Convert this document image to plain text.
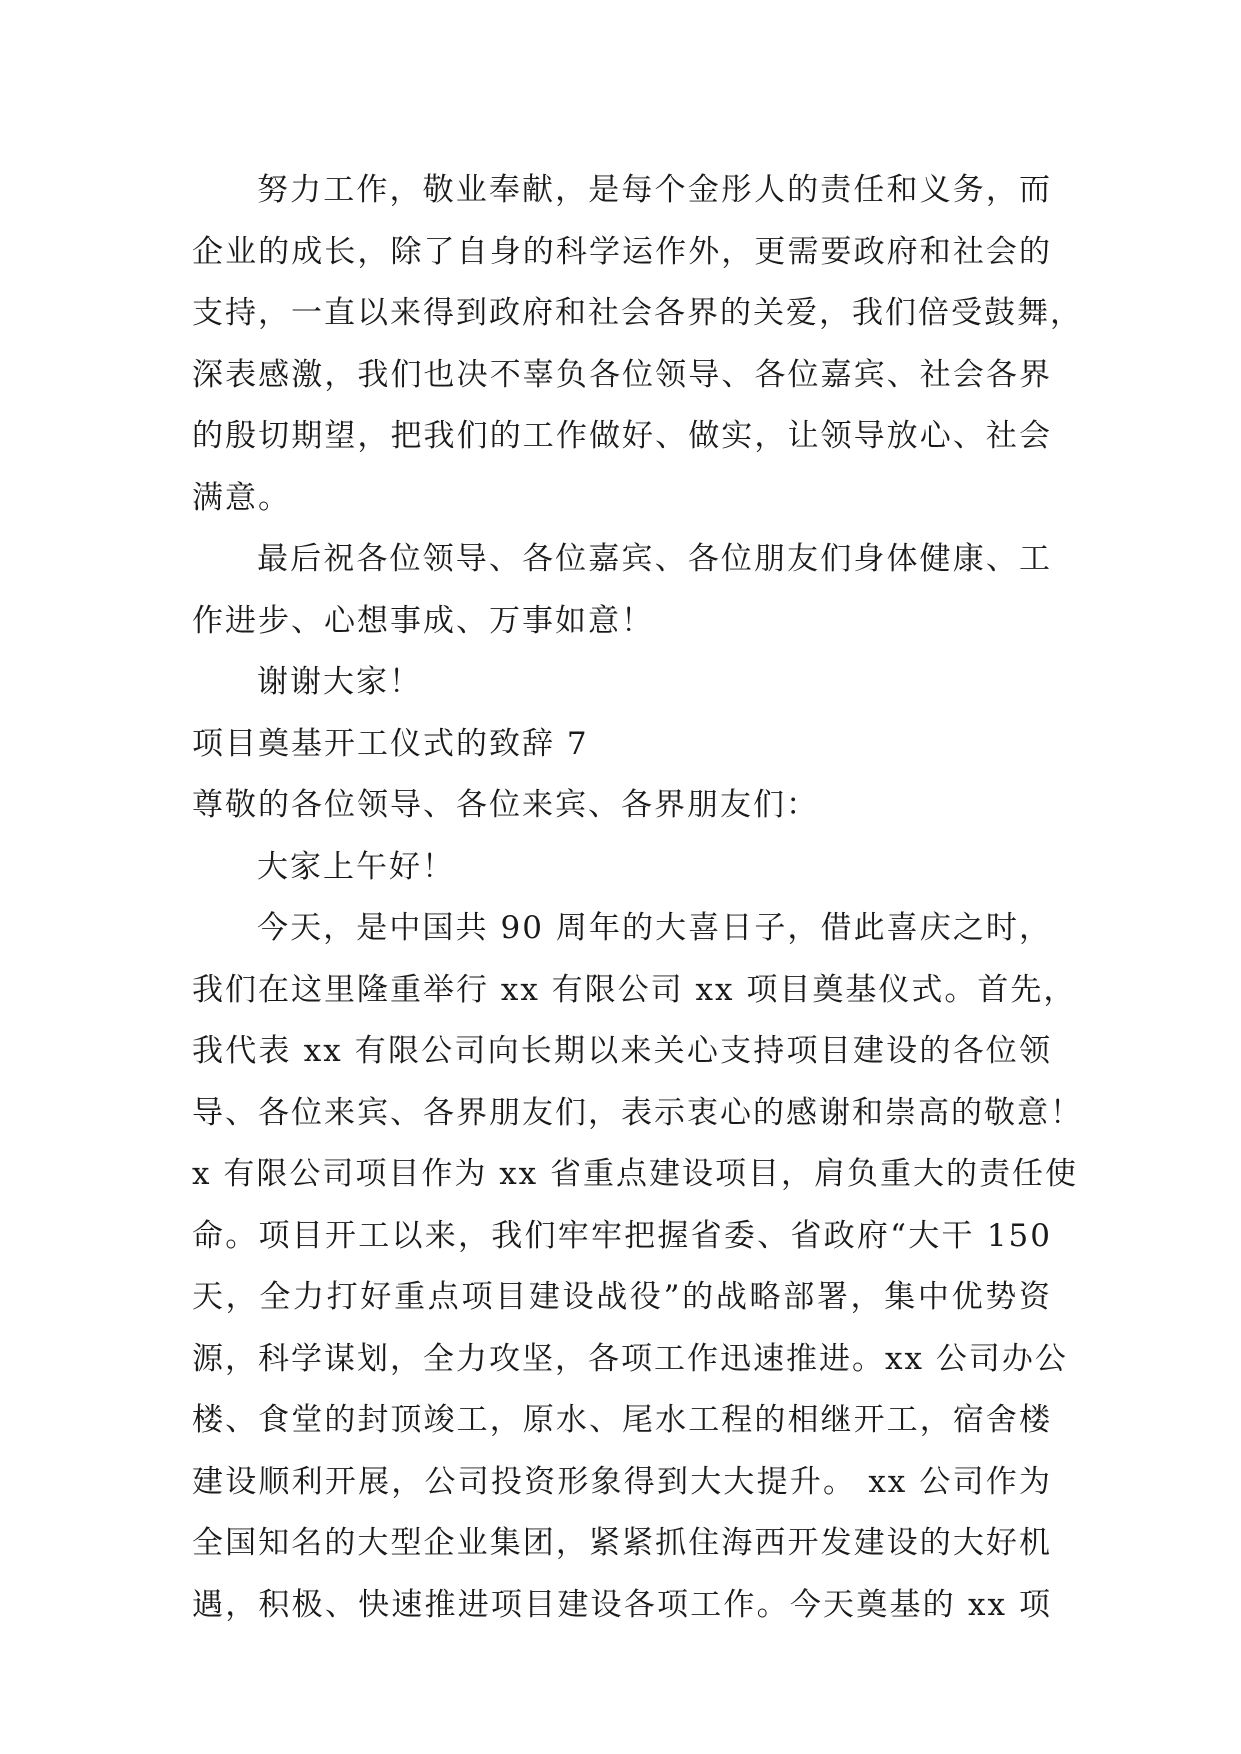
努力工作，敬业奉献，是每个金彤人的责任和义务，而
企业的成长，除了自身的科学运作外，更需要政府和社会的
支持，一直以来得到政府和社会各界的关爱，我们倍受鼓舞，
深表感激，我们也决不辜负各位领导、各位嘉宾、社会各界
的殷切期望，把我们的工作做好、做实，让领导放心、社会
满意。
最后祝各位领导、各位嘉宾、各位朋友们身体健康、工
作进步、心想事成、万事如意！
谢谢大家！
项目奠基开工仪式的致辞 7
尊敬的各位领导、各位来宾、各界朋友们：
大家上午好！
今天，是中国共 90 周年的大喜日子，借此喜庆之时，
我们在这里隆重举行 xx 有限公司 xx 项目奠基仪式。首先，
我代表 xx 有限公司向长期以来关心支持项目建设的各位领
导、各位来宾、各界朋友们，表示衷心的感谢和崇高的敬意！
x 有限公司项目作为 xx 省重点建设项目，肩负重大的责任使
命。项目开工以来，我们牢牢把握省委、省政府“大干 150
天，全力打好重点项目建设战役”的战略部署，集中优势资
源，科学谋划，全力攻坚，各项工作迅速推进。xx 公司办公
楼、食堂的封顶竣工，原水、尾水工程的相继开工，宿舍楼
建设顺利开展，公司投资形象得到大大提升。 xx 公司作为
全国知名的大型企业集团，紧紧抓住海西开发建设的大好机
遇，积极、快速推进项目建设各项工作。今天奠基的 xx 项
